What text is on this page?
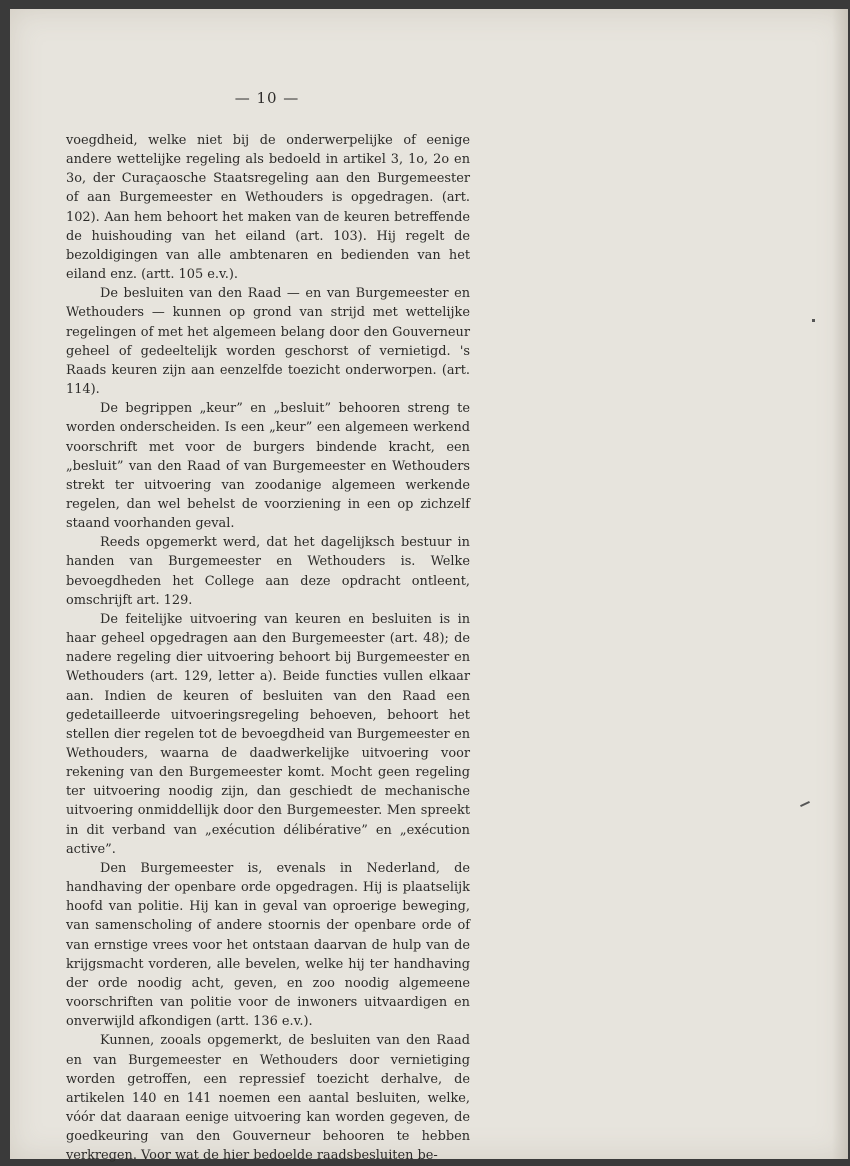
— 10 —

voegdheid, welke niet bij de onderwerpelijke of eenige andere wettelijke regeling als bedoeld in artikel 3, 1o, 2o en 3o, der Curaçaosche Staatsregeling aan den Burgemeester of aan Burgemeester en Wethouders is opgedragen. (art. 102). Aan hem behoort het maken van de keuren betreffende de huishouding van het eiland (art. 103). Hij regelt de bezoldigingen van alle ambtenaren en bedienden van het eiland enz. (artt. 105 e.v.).

De besluiten van den Raad — en van Burgemeester en Wethouders — kunnen op grond van strijd met wettelijke regelingen of met het algemeen belang door den Gouverneur geheel of gedeeltelijk worden geschorst of vernietigd. 's Raads keuren zijn aan eenzelfde toezicht onderworpen. (art. 114).

De begrippen „keur” en „besluit” behooren streng te worden onderscheiden. Is een „keur” een algemeen werkend voorschrift met voor de burgers bindende kracht, een „besluit” van den Raad of van Burgemeester en Wethouders strekt ter uitvoering van zoodanige algemeen werkende regelen, dan wel behelst de voorziening in een op zichzelf staand voorhanden geval.

Reeds opgemerkt werd, dat het dagelijksch bestuur in handen van Burgemeester en Wethouders is. Welke bevoegdheden het College aan deze opdracht ontleent, omschrijft art. 129.

De feitelijke uitvoering van keuren en besluiten is in haar geheel opgedragen aan den Burgemeester (art. 48); de nadere regeling dier uitvoering behoort bij Burgemeester en Wethouders (art. 129, letter a). Beide functies vullen elkaar aan. Indien de keuren of besluiten van den Raad een gedetailleerde uitvoeringsregeling behoeven, behoort het stellen dier regelen tot de bevoegdheid van Burgemeester en Wethouders, waarna de daadwerkelijke uitvoering voor rekening van den Burgemeester komt. Mocht geen regeling ter uitvoering noodig zijn, dan geschiedt de mechanische uitvoering onmiddellijk door den Burgemeester. Men spreekt in dit verband van „exécution délibérative” en „exécution active”.

Den Burgemeester is, evenals in Nederland, de handhaving der openbare orde opgedragen. Hij is plaatselijk hoofd van politie. Hij kan in geval van oproerige beweging, van samenscholing of andere stoornis der openbare orde of van ernstige vrees voor het ontstaan daarvan de hulp van de krijgsmacht vorderen, alle bevelen, welke hij ter handhaving der orde noodig acht, geven, en zoo noodig algemeene voorschriften van politie voor de inwoners uitvaardigen en onverwijld afkondigen (artt. 136 e.v.).

Kunnen, zooals opgemerkt, de besluiten van den Raad en van Burgemeester en Wethouders door vernietiging worden getroffen, een repressief toezicht derhalve, de artikelen 140 en 141 noemen een aantal besluiten, welke, vóór dat daaraan eenige uitvoering kan worden gegeven, de goedkeuring van den Gouverneur behooren te hebben verkregen. Voor wat de hier bedoelde raadsbesluiten be-
